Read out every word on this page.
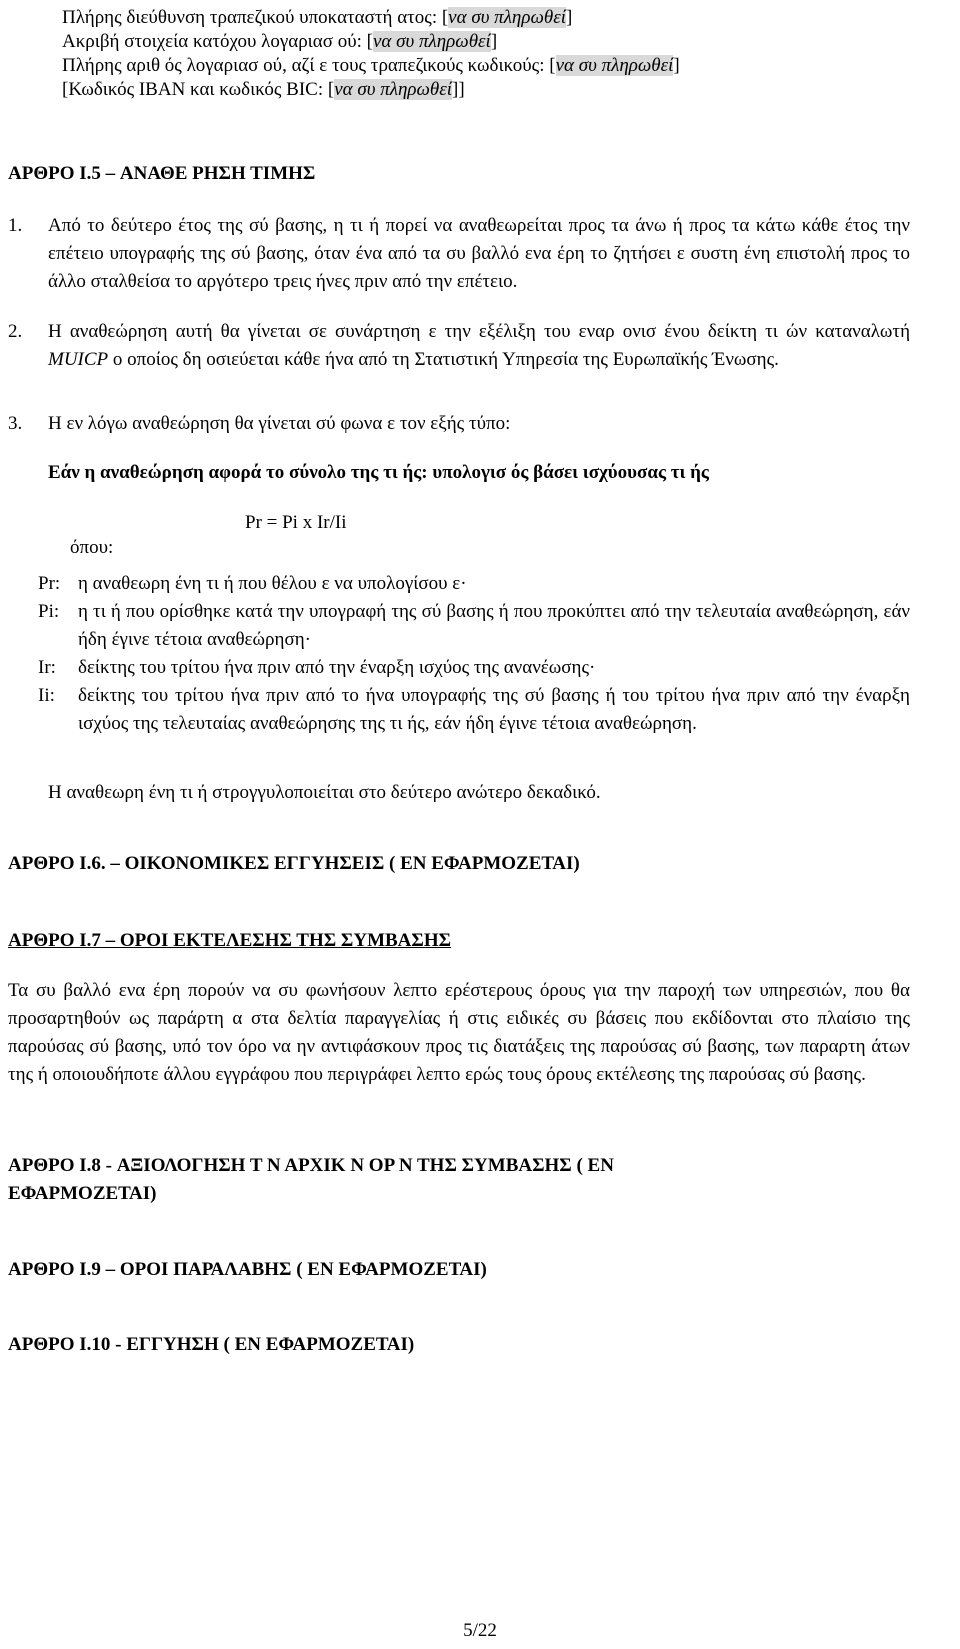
Πλήρης διεύθυνση τραπεζικού υποκαταστή ατος: [να συ πληρωθεί]
Ακριβή στοιχεία κατόχου λογαριασ ού: [να συ πληρωθεί]
Πλήρης αριθ ός λογαριασ ού, αζί ε τους τραπεζικούς κωδικούς: [να συ πληρωθεί]
[Κωδικός ΙΒΑΝ και κωδικός BIC: [να συ πληρωθεί]]
ΑΡΘΡΟ I.5 – ΑΝΑΘΕ ΡΗΣΗ ΤΙΜΗΣ
1. Από το δεύτερο έτος της σύ βασης, η τι ή πορεί να αναθεωρείται προς τα άνω ή προς τα κάτω κάθε έτος την επέτειο υπογραφής της σύ βασης, όταν ένα από τα συ βαλλό ενα έρη το ζητήσει ε συστη ένη επιστολή προς το άλλο σταλθείσα το αργότερο τρεις ήνες πριν από την επέτειο.
2. Η αναθεώρηση αυτή θα γίνεται σε συνάρτηση ε την εξέλιξη του εναρ ονισ ένου δείκτη τι ών καταναλωτή MUICP ο οποίος δη οσιεύεται κάθε ήνα από τη Στατιστική Υπηρεσία της Ευρωπαϊκής Ένωσης.
3. Η εν λόγω αναθεώρηση θα γίνεται σύ φωνα ε τον εξής τύπο:
Εάν η αναθεώρηση αφορά το σύνολο της τι ής: υπολογισ ός βάσει ισχύουσας τι ής
Pr = Pi x Ir/Ii
όπου:
Pr: η αναθεωρη ένη τι ή που θέλου ε να υπολογίσου ε·
Pi: η τι ή που ορίσθηκε κατά την υπογραφή της σύ βασης ή που προκύπτει από την τελευταία αναθεώρηση, εάν ήδη έγινε τέτοια αναθεώρηση·
Ir: δείκτης του τρίτου ήνα πριν από την έναρξη ισχύος της ανανέωσης·
Ii: δείκτης του τρίτου ήνα πριν από το ήνα υπογραφής της σύ βασης ή του τρίτου ήνα πριν από την έναρξη ισχύος της τελευταίας αναθεώρησης της τι ής, εάν ήδη έγινε τέτοια αναθεώρηση.
Η αναθεωρη ένη τι ή στρογγυλοποιείται στο δεύτερο ανώτερο δεκαδικό.
ΑΡΘΡΟ I.6. – ΟΙΚΟΝΟΜΙΚΕΣ ΕΓΓΥΗΣΕΙΣ ( ΕΝ ΕΦΑΡΜΟΖΕΤΑΙ)
ΑΡΘΡΟ I.7 – ΟΡΟΙ ΕΚΤΕΛΕΣΗΣ ΤΗΣ ΣΥΜΒΑΣΗΣ
Τα συ βαλλό ενα έρη πορούν να συ φωνήσουν λεπτο ερέστερους όρους για την παροχή των υπηρεσιών, που θα προσαρτηθούν ως παράρτη α στα δελτία παραγγελίας ή στις ειδικές συ βάσεις που εκδίδονται στο πλαίσιο της παρούσας σύ βασης, υπό τον όρο να ην αντιφάσκουν προς τις διατάξεις της παρούσας σύ βασης, των παραρτη άτων της ή οποιουδήποτε άλλου εγγράφου που περιγράφει λεπτο ερώς τους όρους εκτέλεσης της παρούσας σύ βασης.
ΑΡΘΡΟ I.8 - ΑΞΙΟΛΟΓΗΣΗ Τ Ν ΑΡΧΙΚ Ν ΟΡ Ν ΤΗΣ ΣΥΜΒΑΣΗΣ ( ΕΝ
ΕΦΑΡΜΟΖΕΤΑΙ)
ΑΡΘΡΟ I.9 – ΟΡΟΙ ΠΑΡΑΛΑΒΗΣ ( ΕΝ ΕΦΑΡΜΟΖΕΤΑΙ)
ΑΡΘΡΟ I.10 - ΕΓΓΥΗΣΗ ( ΕΝ ΕΦΑΡΜΟΖΕΤΑΙ)
5/22
